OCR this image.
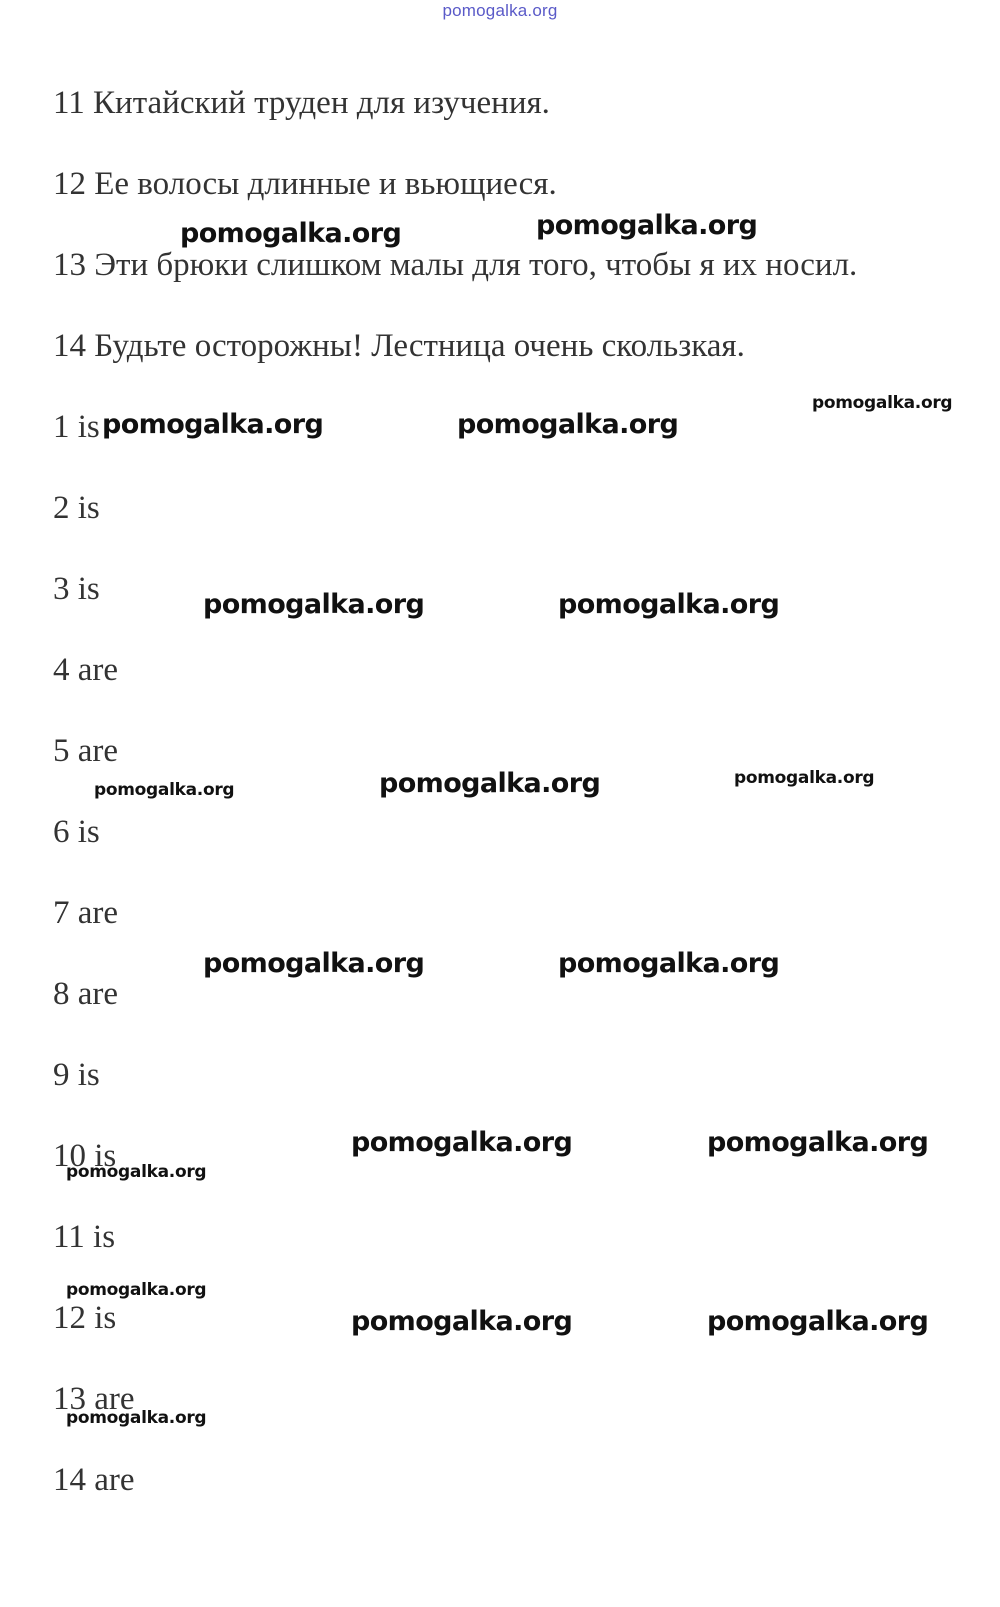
pomogalka.org
11 Китайский труден для изучения.
12 Ее волосы длинные и вьющиеся.
13 Эти брюки слишком малы для того, чтобы я их носил.
14 Будьте осторожны! Лестница очень скользкая.
1 is
2 is
3 is
4 are
5 are
6 is
7 are
8 are
9 is
10 is
11 is
12 is
13 are
14 are
pomogalka.org	pomogalka.org
pomogalka.org
pomogalka.org	pomogalka.org
pomogalka.org	pomogalka.org
pomogalka.org	pomogalka.org	pomogalka.org
pomogalka.org	pomogalka.org
pomogalka.org	pomogalka.org
pomogalka.org
pomogalka.org
pomogalka.org	pomogalka.org
pomogalka.org
